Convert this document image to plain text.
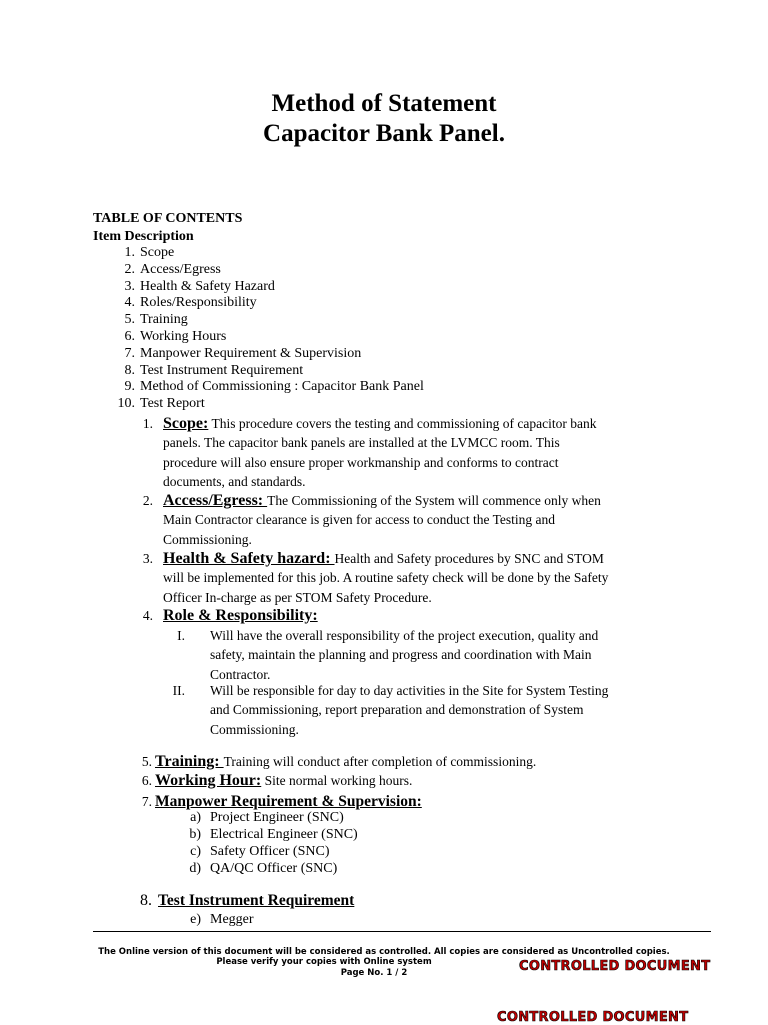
Method of Statement
Capacitor Bank Panel.
TABLE OF CONTENTS
Item Description
1. Scope
2. Access/Egress
3. Health & Safety Hazard
4. Roles/Responsibility
5. Training
6. Working Hours
7. Manpower Requirement & Supervision
8. Test Instrument Requirement
9. Method of Commissioning : Capacitor Bank Panel
10. Test Report
1. Scope: This procedure covers the testing and commissioning of capacitor bank
panels. The capacitor bank panels are installed at the LVMCC room. This
procedure will also ensure proper workmanship and conforms to contract
documents, and standards.
2. Access/Egress: The Commissioning of the System will commence only when
Main Contractor clearance is given for access to conduct the Testing and
Commissioning.
3. Health & Safety hazard: Health and Safety procedures by SNC and STOM
will be implemented for this job. A routine safety check will be done by the Safety
Officer In-charge as per STOM Safety Procedure.
4. Role & Responsibility:
I. Will have the overall responsibility of the project execution, quality and
safety, maintain the planning and progress and coordination with Main
Contractor.
II. Will be responsible for day to day activities in the Site for System Testing
and Commissioning, report preparation and demonstration of System
Commissioning.
5. Training: Training will conduct after completion of commissioning.
6. Working Hour: Site normal working hours.
7. Manpower Requirement & Supervision:
a) Project Engineer (SNC)
b) Electrical Engineer (SNC)
c) Safety Officer (SNC)
d) QA/QC Officer (SNC)
8. Test Instrument Requirement
e) Megger
The Online version of this document will be considered as controlled. All copies are considered as Uncontrolled copies.
Please verify your copies with Online system
Page No. 1 / 2	CONTROLLED DOCUMENT
CONTROLLED DOCUMENT
